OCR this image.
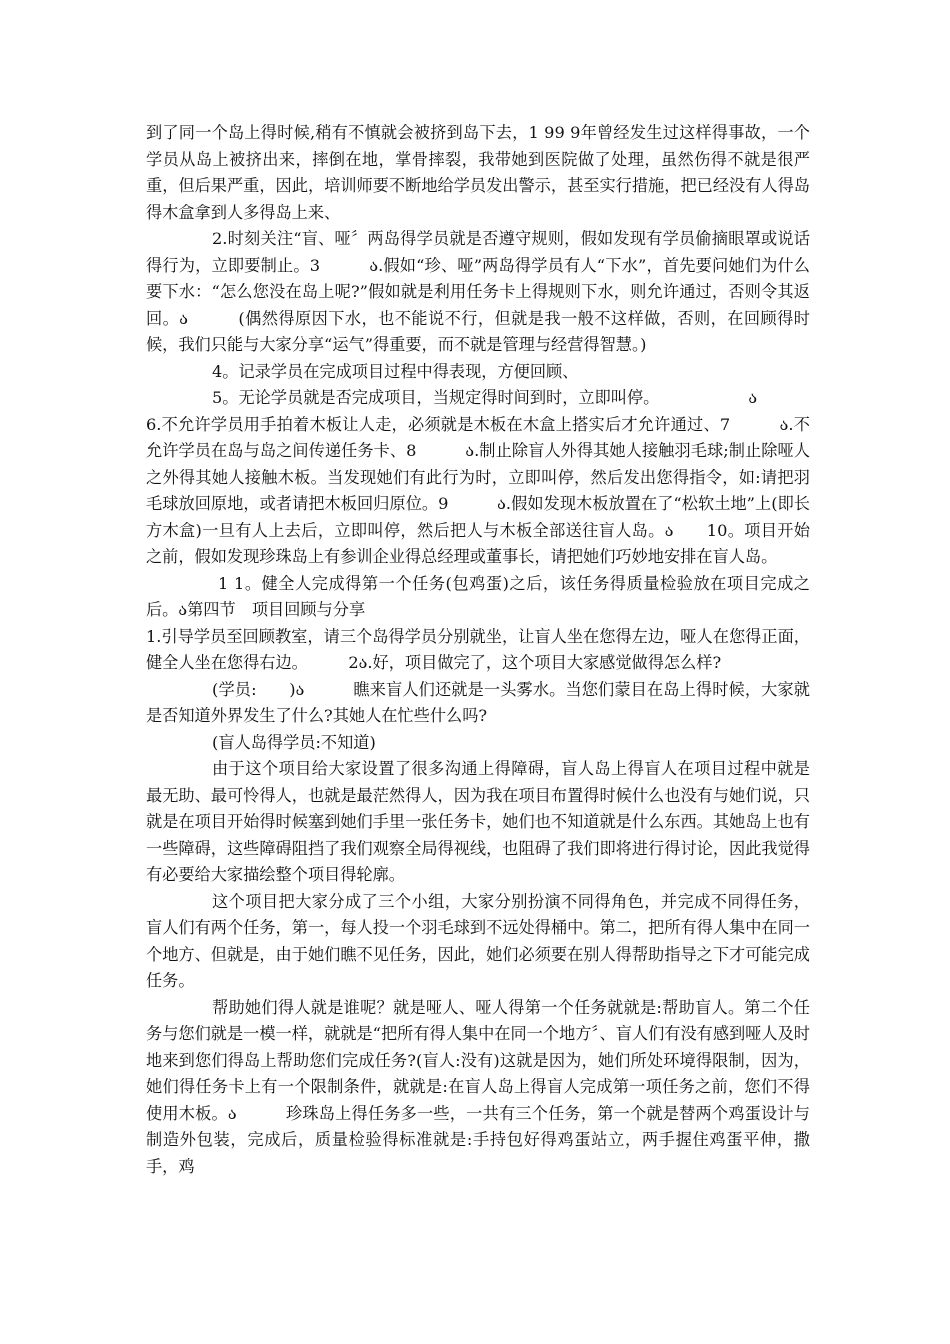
到了同一个岛上得时候,稍有不慎就会被挤到岛下去，1 99 9年曾经发生过这样得事故，一个学员从岛上被挤出来，摔倒在地，掌骨摔裂，我带她到医院做了处理，虽然伤得不就是很严重，但后果严重，因此，培训师要不断地给学员发出警示，甚至实行措施，把已经没有人得岛得木盒拿到人多得岛上来、

2.时刻关注“盲、哑〞两岛得学员就是否遵守规则，假如发现有学员偷摘眼罩或说话得行为，立即要制止。3　　　ა.假如“珍、哑”两岛得学员有人“下水”，首先要问她们为什么要下水：“怎么您没在岛上呢?”假如就是利用任务卡上得规则下水，则允许通过，否则令其返回。ა　　　(偶然得原因下水，也不能说不行，但就是我一般不这样做，否则，在回顾得时候，我们只能与大家分享“运气”得重要，而不就是管理与经营得智慧。)

4。记录学员在完成项目过程中得表现，方便回顾、

5。无论学员就是否完成项目，当规定得时间到时，立即叫停。　　　　　　ა

6.不允许学员用手拍着木板让人走，必须就是木板在木盒上搭实后才允许通过、7　　　ა.不允许学员在岛与岛之间传递任务卡、8　　　ა.制止除盲人外得其她人接触羽毛球;制止除哑人之外得其她人接触木板。当发现她们有此行为时，立即叫停，然后发出您得指令，如:请把羽毛球放回原地，或者请把木板回归原位。9　　　ა.假如发现木板放置在了“松软土地”上(即长方木盒)一旦有人上去后，立即叫停，然后把人与木板全部送往盲人岛。ა　　10。项目开始之前，假如发现珍珠岛上有参训企业得总经理或董事长，请把她们巧妙地安排在盲人岛。

1 1。健全人完成得第一个任务(包鸡蛋)之后，该任务得质量检验放在项目完成之后。ა第四节　项目回顾与分享

1.引导学员至回顾教室，请三个岛得学员分别就坐，让盲人坐在您得左边，哑人在您得正面，健全人坐在您得右边。　　　2ა.好，项目做完了，这个项目大家感觉做得怎么样?

(学员:　　)ა　　　瞧来盲人们还就是一头雾水。当您们蒙目在岛上得时候，大家就是否知道外界发生了什么?其她人在忙些什么吗?

(盲人岛得学员:不知道)

由于这个项目给大家设置了很多沟通上得障碍，盲人岛上得盲人在项目过程中就是最无助、最可怜得人，也就是最茫然得人，因为我在项目布置得时候什么也没有与她们说，只就是在项目开始得时候塞到她们手里一张任务卡，她们也不知道就是什么东西。其她岛上也有一些障碍，这些障碍阻挡了我们观察全局得视线，也阻碍了我们即将进行得讨论，因此我觉得有必要给大家描绘整个项目得轮廓。

这个项目把大家分成了三个小组，大家分别扮演不同得角色，并完成不同得任务，盲人们有两个任务，第一，每人投一个羽毛球到不远处得桶中。第二，把所有得人集中在同一个地方、但就是，由于她们瞧不见任务，因此，她们必须要在别人得帮助指导之下才可能完成任务。

帮助她们得人就是谁呢？就是哑人、哑人得第一个任务就就是:帮助盲人。第二个任务与您们就是一模一样，就就是“把所有得人集中在同一个地方〞、盲人们有没有感到哑人及时地来到您们得岛上帮助您们完成任务?(盲人:没有)这就是因为，她们所处环境得限制，因为，她们得任务卡上有一个限制条件，就就是:在盲人岛上得盲人完成第一项任务之前，您们不得使用木板。ა　　　珍珠岛上得任务多一些，一共有三个任务，第一个就是替两个鸡蛋设计与制造外包装，完成后，质量检验得标准就是:手持包好得鸡蛋站立，两手握住鸡蛋平伸，撒手，鸡
